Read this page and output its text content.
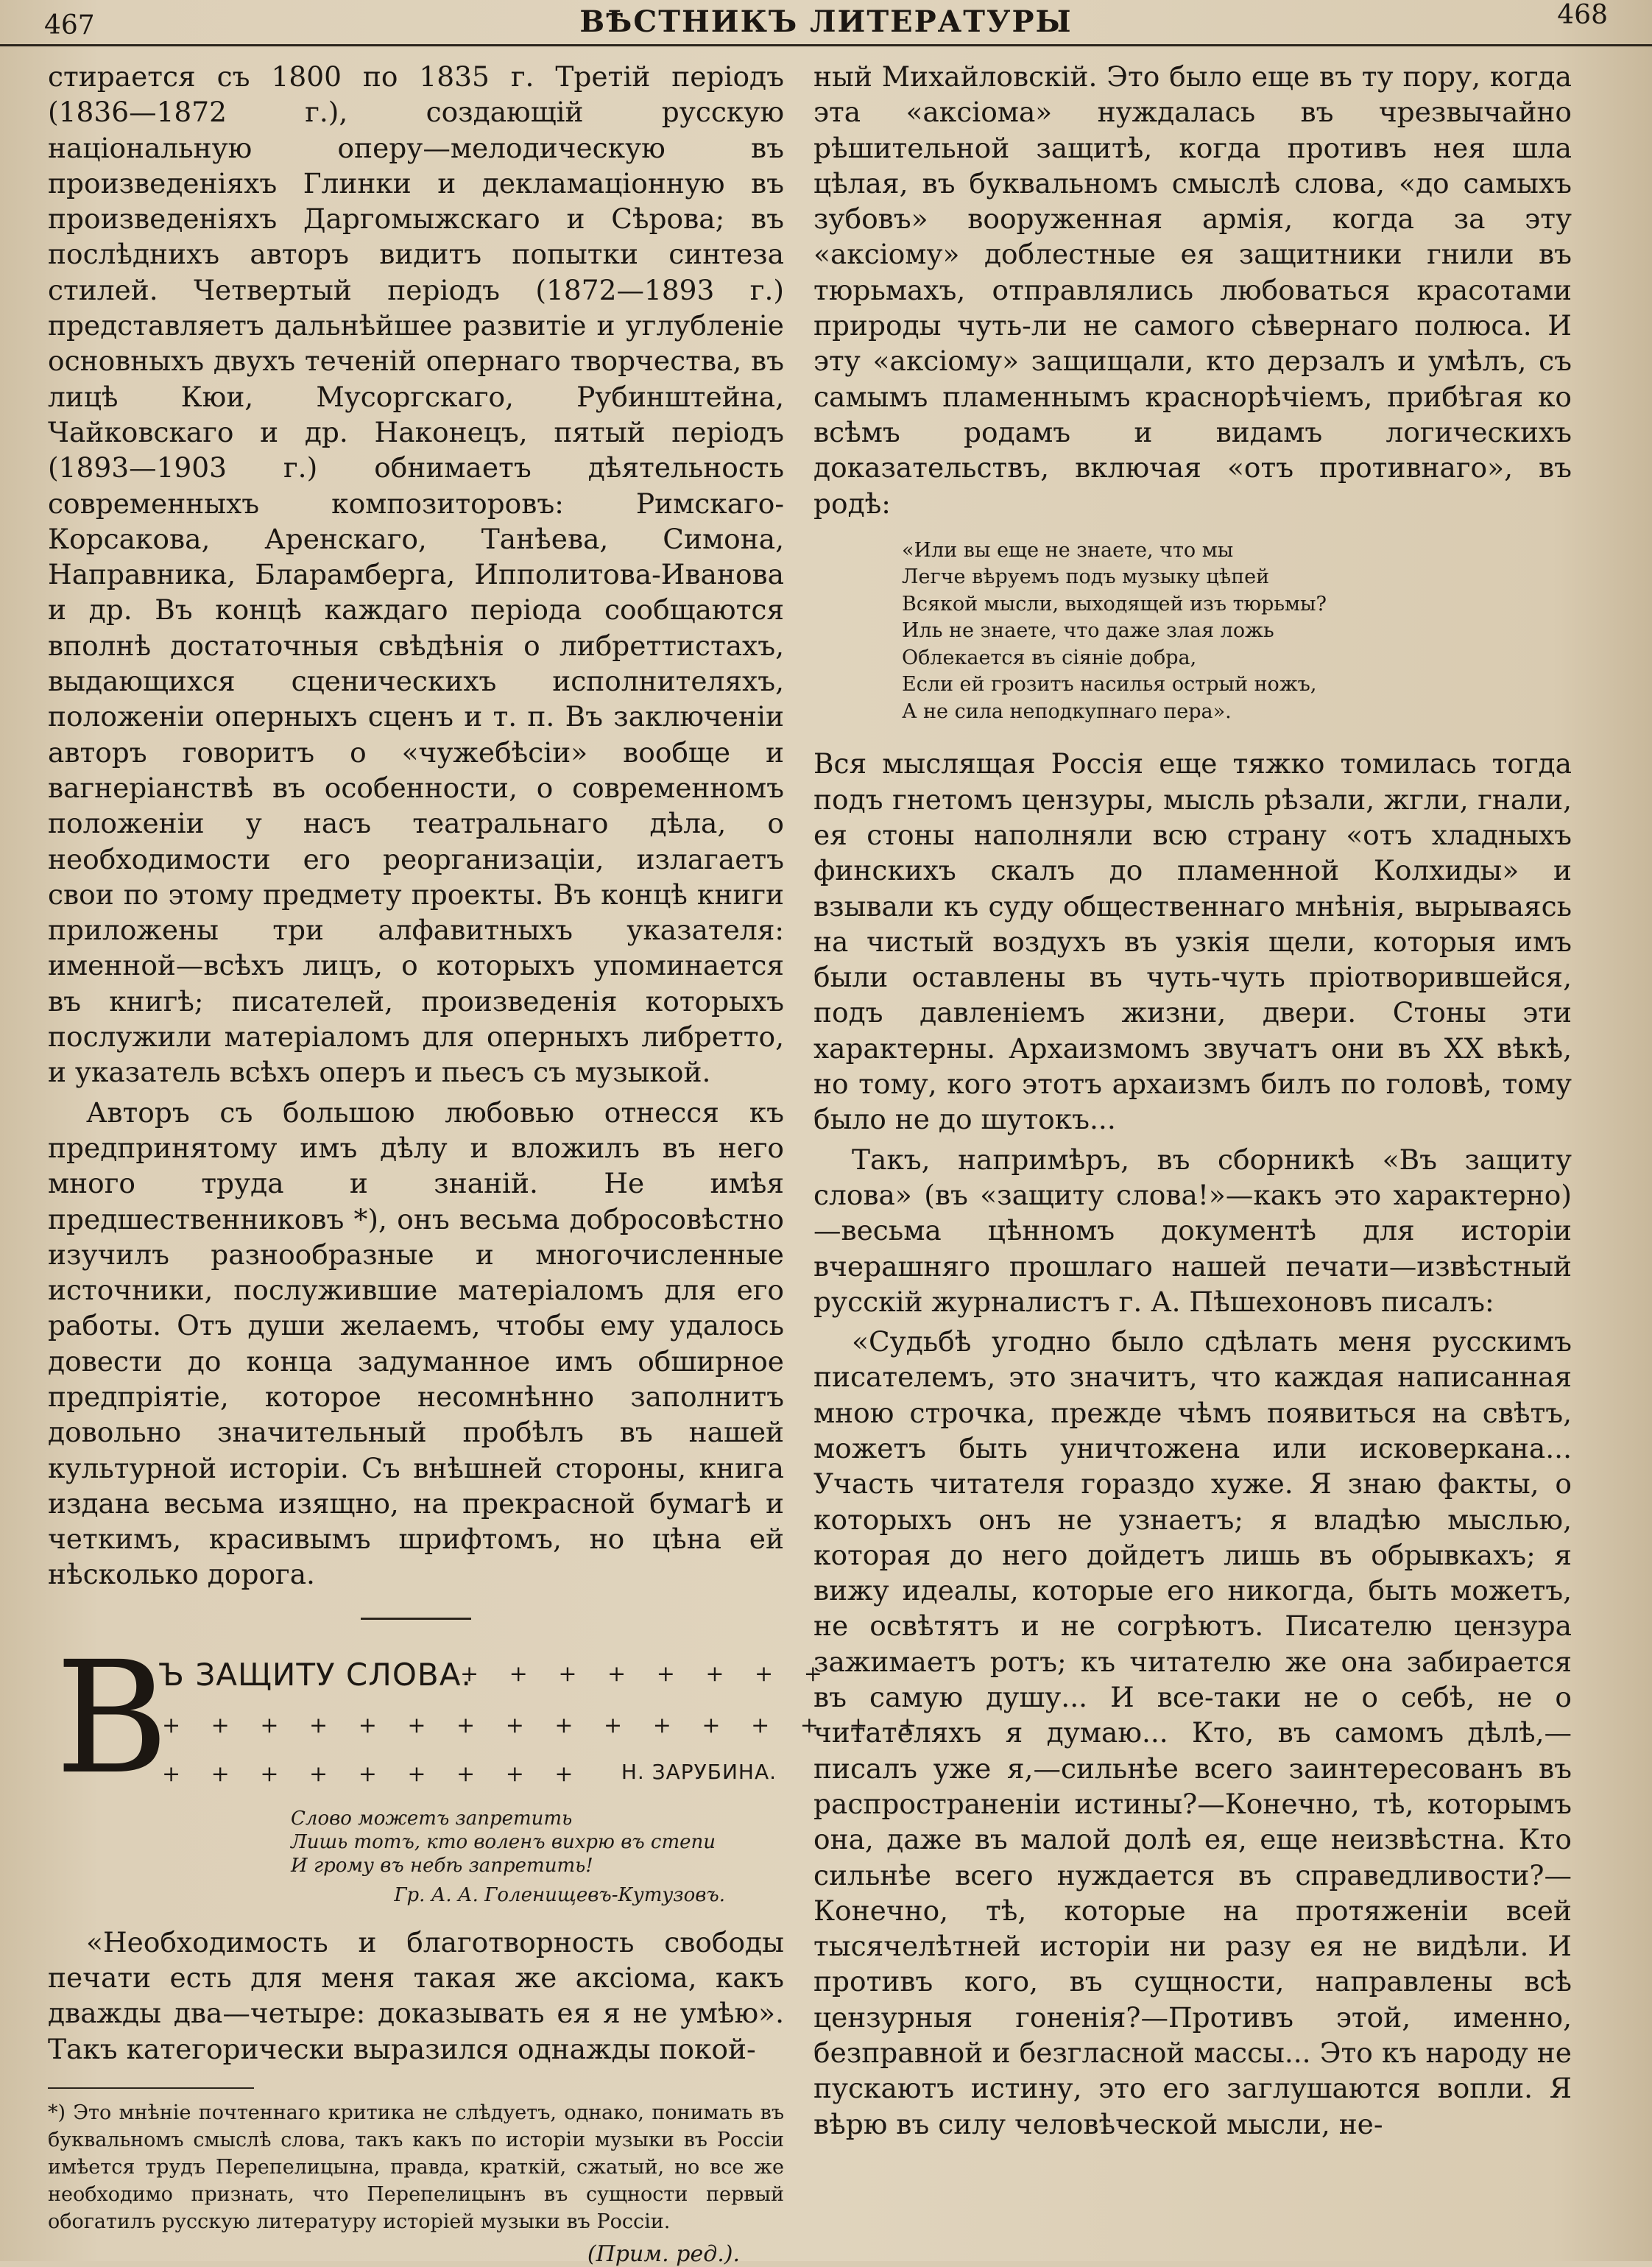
467	ВѢСТНИКЪ ЛИТЕРАТУРЫ	468

стирается съ 1800 по 1835 г. Третій періодъ (1836—1872 г.), создающій русскую національную оперу—мелодическую въ произведеніяхъ Глинки и декламаціонную въ произведеніяхъ Даргомыжскаго и Сѣрова; въ послѣднихъ авторъ видитъ попытки синтеза стилей. Четвертый періодъ (1872—1893 г.) представляетъ дальнѣйшее развитіе и углубленіе основныхъ двухъ теченій опернаго творчества, въ лицѣ Кюи, Мусоргскаго, Рубинштейна, Чайковскаго и др. Наконецъ, пятый періодъ (1893—1903 г.) обнимаетъ дѣятельность современныхъ композиторовъ: Римскаго-Корсакова, Аренскаго, Танѣева, Симона, Направника, Бларамберга, Ипполитова-Иванова и др. Въ концѣ каждаго періода сообщаются вполнѣ достаточныя свѣдѣнія о либреттистахъ, выдающихся сценическихъ исполнителяхъ, положеніи оперныхъ сценъ и т. п. Въ заключеніи авторъ говоритъ о «чужебѣсіи» вообще и вагнеріанствѣ въ особенности, о современномъ положеніи у насъ театральнаго дѣла, о необходимости его реорганизаціи, излагаетъ свои по этому предмету проекты. Въ концѣ книги приложены три алфавитныхъ указателя: именной—всѣхъ лицъ, о которыхъ упоминается въ книгѣ; писателей, произведенія которыхъ послужили матеріаломъ для оперныхъ либретто, и указатель всѣхъ оперъ и пьесъ съ музыкой.

Авторъ съ большою любовью отнесся къ предпринятому имъ дѣлу и вложилъ въ него много труда и знаній. Не имѣя предшественниковъ *), онъ весьма добросовѣстно изучилъ разнообразные и многочисленные источники, послужившие матеріаломъ для его работы. Отъ души желаемъ, чтобы ему удалось довести до конца задуманное имъ обширное предпріятіе, которое несомнѣнно заполнитъ довольно значительный пробѣлъ въ нашей культурной исторіи. Съ внѣшней стороны, книга издана весьма изящно, на прекрасной бумагѣ и четкимъ, красивымъ шрифтомъ, но цѣна ей нѣсколько дорога.

В
Ъ ЗАЩИТУ СЛОВА.
+ + + + + + + +
+ + + + + + + + + + + + + + + +
+ + + + + + + + + Н. ЗАРУБИНА.
Слово можетъ запретить
Лишь тотъ, кто воленъ вихрю въ степи
И грому въ небѣ запретить!
Гр. А. А. Голенищевъ-Кутузовъ.

«Необходимость и благотворность свободы печати есть для меня такая же аксіома, какъ дважды два—четыре: доказывать ея я не умѣю». Такъ категорически выразился однажды покой-

*) Это мнѣніе почтеннаго критика не слѣдуетъ, однако, понимать въ буквальномъ смыслѣ слова, такъ какъ по исторіи музыки въ Россіи имѣется трудъ Перепелицына, правда, краткій, сжатый, но все же необходимо признать, что Перепелицынъ въ сущности первый обогатилъ русскую литературу исторіей музыки въ Россіи.
(Прим. ред.).

ный Михайловскій. Это было еще въ ту пору, когда эта «аксіома» нуждалась въ чрезвычайно рѣшительной защитѣ, когда противъ нея шла цѣлая, въ буквальномъ смыслѣ слова, «до самыхъ зубовъ» вооруженная армія, когда за эту «аксіому» доблестные ея защитники гнили въ тюрьмахъ, отправлялись любоваться красотами природы чуть-ли не самого сѣвернаго полюса. И эту «аксіому» защищали, кто дерзалъ и умѣлъ, съ самымъ пламеннымъ краснорѣчіемъ, прибѣгая ко всѣмъ родамъ и видамъ логическихъ доказательствъ, включая «отъ противнаго», въ родѣ:

«Или вы еще не знаете, что мы
Легче вѣруемъ подъ музыку цѣпей
Всякой мысли, выходящей изъ тюрьмы?
Иль не знаете, что даже злая ложь
Облекается въ сіяніе добра,
Если ей грозитъ насилья острый ножъ,
А не сила неподкупнаго пера».

Вся мыслящая Россія еще тяжко томилась тогда подъ гнетомъ цензуры, мысль рѣзали, жгли, гнали, ея стоны наполняли всю страну «отъ хладныхъ финскихъ скалъ до пламенной Колхиды» и взывали къ суду общественнаго мнѣнія, вырываясь на чистый воздухъ въ узкія щели, которыя имъ были оставлены въ чуть-чуть пріотворившейся, подъ давленіемъ жизни, двери. Стоны эти характерны. Архаизмомъ звучатъ они въ XX вѣкѣ, но тому, кого этотъ архаизмъ билъ по головѣ, тому было не до шутокъ...

Такъ, напримѣръ, въ сборникѣ «Въ защиту слова» (въ «защиту слова!»—какъ это характерно)—весьма цѣнномъ документѣ для исторіи вчерашняго прошлаго нашей печати—извѣстный русскій журналистъ г. А. Пѣшехоновъ писалъ:

«Судьбѣ угодно было сдѣлать меня русскимъ писателемъ, это значитъ, что каждая написанная мною строчка, прежде чѣмъ появиться на свѣтъ, можетъ быть уничтожена или исковеркана... Участь читателя гораздо хуже. Я знаю факты, о которыхъ онъ не узнаетъ; я владѣю мыслью, которая до него дойдетъ лишь въ обрывкахъ; я вижу идеалы, которые его никогда, быть можетъ, не освѣтятъ и не согрѣютъ. Писателю цензура зажимаетъ ротъ; къ читателю же она забирается въ самую душу... И все-таки не о себѣ, не о читателяхъ я думаю... Кто, въ самомъ дѣлѣ,—писалъ уже я,—сильнѣе всего заинтересованъ въ распространеніи истины?—Конечно, тѣ, которымъ она, даже въ малой долѣ ея, еще неизвѣстна. Кто сильнѣе всего нуждается въ справедливости?—Конечно, тѣ, которые на протяженіи всей тысячелѣтней исторіи ни разу ея не видѣли. И противъ кого, въ сущности, направлены всѣ цензурныя гоненія?—Противъ этой, именно, безправной и безгласной массы... Это къ народу не пускаютъ истину, это его заглушаются вопли. Я вѣрю въ силу человѣческой мысли, не-
